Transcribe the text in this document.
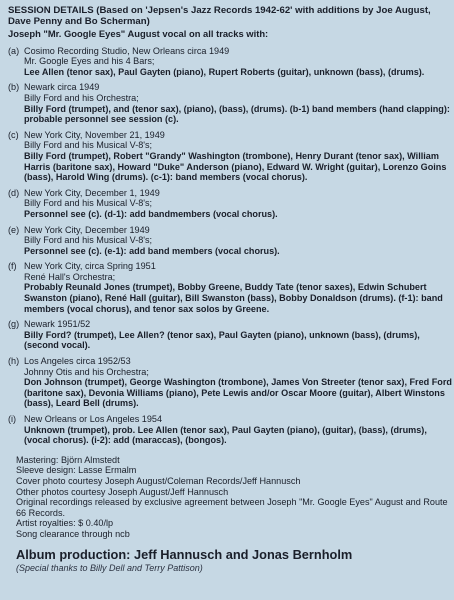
SESSION DETAILS (Based on 'Jepsen's Jazz Records 1942-62' with additions by Joe August, Dave Penny and Bo Scherman)

Joseph "Mr. Google Eyes" August vocal on all tracks with:

(a) Cosimo Recording Studio, New Orleans circa 1949

Mr. Google Eyes and his 4 Bars;

Lee Allen (tenor sax), Paul Gayten (piano), Rupert Roberts (guitar), unknown (bass), (drums).

(b) Newark circa 1949

Billy Ford and his Orchestra;

Billy Ford (trumpet), and (tenor sax), (piano), (bass), (drums). (b-1) band members (hand clapping): probable personnel see session (c).

(c) New York City, November 21, 1949

Billy Ford and his Musical V-8's;

Billy Ford (trumpet), Robert "Grandy" Washington (trombone), Henry Durant (tenor sax), William Harris (baritone sax), Howard "Duke" Anderson (piano), Edward W. Wright (guitar), Lorenzo Goins (bass), Harold Wing (drums). (c-1): band members (vocal chorus).

(d) New York City, December 1, 1949

Billy Ford and his Musical V-8's;

Personnel see (c). (d-1): add bandmembers (vocal chorus).

(e) New York City, December 1949

Billy Ford and his Musical V-8's;

Personnel see (c). (e-1): add band members (vocal chorus).

(f) New York City, circa Spring 1951

René Hall's Orchestra;

Probably Reunald Jones (trumpet), Bobby Greene, Buddy Tate (tenor saxes), Edwin Schubert Swanston (piano), René Hall (guitar), Bill Swanston (bass), Bobby Donaldson (drums). (f-1): band members (vocal chorus), and tenor sax solos by Greene.

(g) Newark 1951/52

Billy Ford? (trumpet), Lee Allen? (tenor sax), Paul Gayten (piano), unknown (bass), (drums), (second vocal).

(h) Los Angeles circa 1952/53

Johnny Otis and his Orchestra;

Don Johnson (trumpet), George Washington (trombone), James Von Streeter (tenor sax), Fred Ford (baritone sax), Devonia Williams (piano), Pete Lewis and/or Oscar Moore (guitar), Albert Winstons (bass), Leard Bell (drums).

(i) New Orleans or Los Angeles 1954

Unknown (trumpet), prob. Lee Allen (tenor sax), Paul Gayten (piano), (guitar), (bass), (drums), (vocal chorus). (i-2): add (maraccas), (bongos).

Mastering: Björn Almstedt

Sleeve design: Lasse Ermalm

Cover photo courtesy Joseph August/Coleman Records/Jeff Hannusch

Other photos courtesy Joseph August/Jeff Hannusch

Original recordings released by exclusive agreement between Joseph "Mr. Google Eyes" August and Route 66 Records.

Artist royalties: $ 0.40/lp

Song clearance through ncb

Album production: Jeff Hannusch and Jonas Bernholm

(Special thanks to Billy Dell and Terry Pattison)
